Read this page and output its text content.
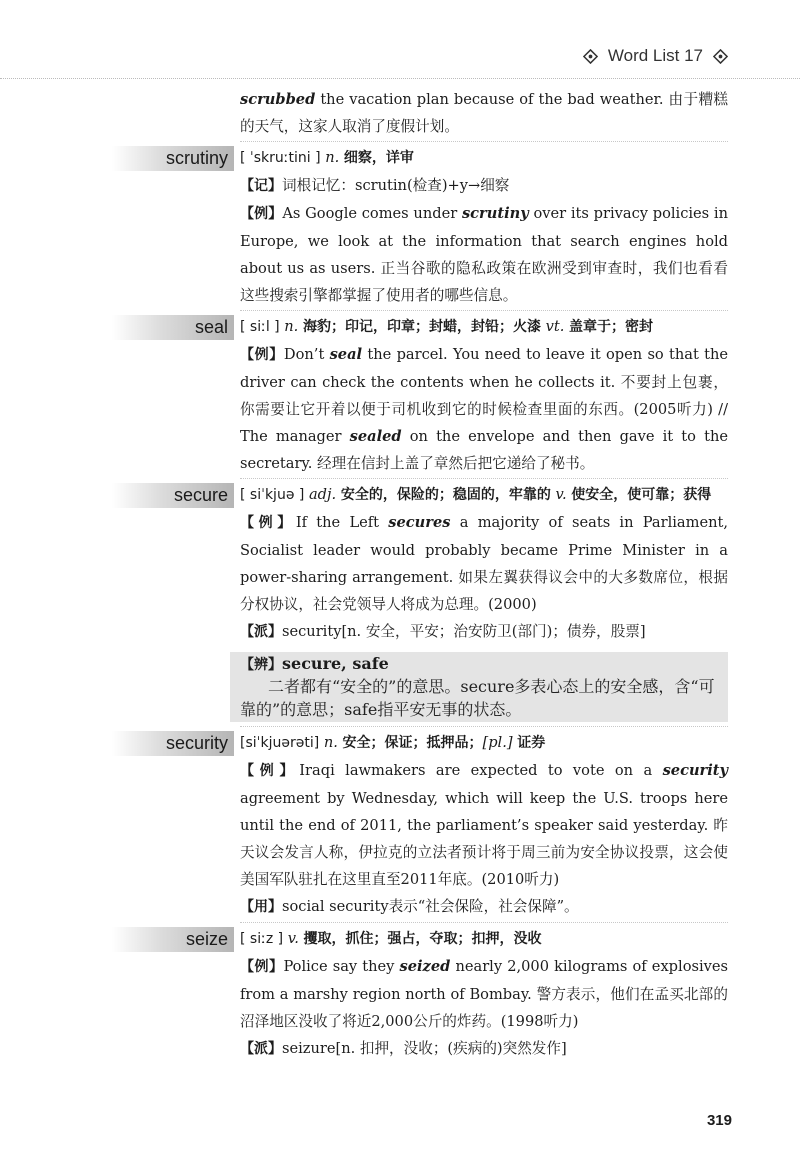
Word List 17

scrubbed the vacation plan because of the bad weather. 由于糟糕的天气，这家人取消了度假计划。

scrutiny [ ˈskruːtini ] n. 细察，详审

【记】词根记忆：scrutin(检查)+y→细察

【例】As Google comes under scrutiny over its privacy policies in Europe, we look at the information that search engines hold about us as users. 正当谷歌的隐私政策在欧洲受到审查时，我们也看看这些搜索引擎都掌握了使用者的哪些信息。

seal [ siːl ] n. 海豹；印记，印章；封蜡，封铅；火漆 vt. 盖章于；密封

【例】Don’t seal the parcel. You need to leave it open so that the driver can check the contents when he collects it. 不要封上包裹，你需要让它开着以便于司机收到它的时候检查里面的东西。(2005听力) // The manager sealed on the envelope and then gave it to the secretary. 经理在信封上盖了章然后把它递给了秘书。

secure [ siˈkjuə ] adj. 安全的，保险的；稳固的，牢靠的 v. 使安全，使可靠；获得

【例】If the Left secures a majority of seats in Parliament, Socialist leader would probably became Prime Minister in a power-sharing arrangement. 如果左翼获得议会中的大多数席位，根据分权协议，社会党领导人将成为总理。(2000)

【派】security[n. 安全，平安；治安防卫(部门)；债券，股票]

【辨】secure, safe

二者都有“安全的”的意思。secure多表心态上的安全感，含“可靠的”的意思；safe指平安无事的状态。

security [siˈkjuərəti] n. 安全；保证；抵押品；[pl.] 证券

【例】Iraqi lawmakers are expected to vote on a security agreement by Wednesday, which will keep the U.S. troops here until the end of 2011, the parliament’s speaker said yesterday. 昨天议会发言人称，伊拉克的立法者预计将于周三前为安全协议投票，这会使美国军队驻扎在这里直至2011年底。(2010听力)

【用】social security表示“社会保险，社会保障”。

seize [ siːz ] v. 攫取，抓住；强占，夺取；扣押，没收

【例】Police say they seized nearly 2,000 kilograms of explosives from a marshy region north of Bombay. 警方表示，他们在孟买北部的沼泽地区没收了将近2,000公斤的炸药。(1998听力)

【派】seizure[n. 扣押，没收；(疾病的)突然发作]

319
